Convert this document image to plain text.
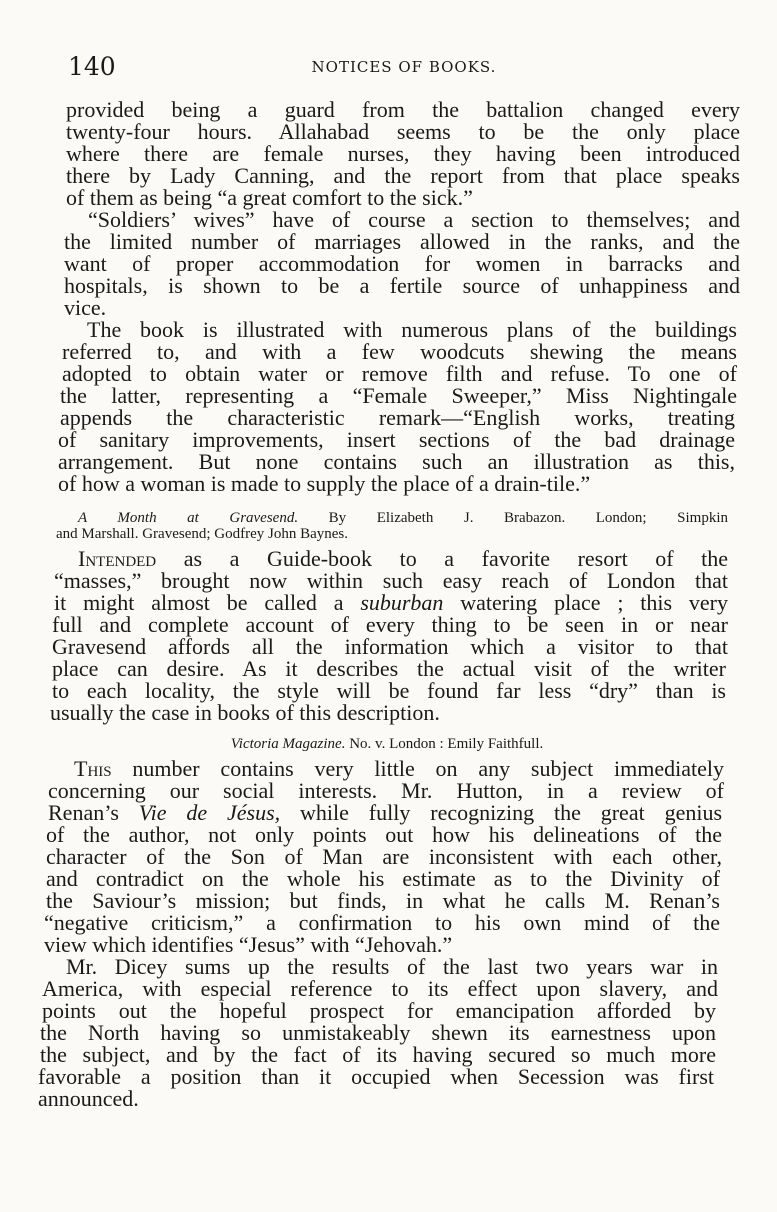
140	NOTICES OF BOOKS.
provided being a guard from the battalion changed every
twenty-four hours. Allahabad seems to be the only place
where there are female nurses, they having been introduced
there by Lady Canning, and the report from that place speaks
of them as being “a great comfort to the sick.”
“Soldiers’ wives” have of course a section to themselves; and
the limited number of marriages allowed in the ranks, and the
want of proper accommodation for women in barracks and
hospitals, is shown to be a fertile source of unhappiness and
vice.
The book is illustrated with numerous plans of the buildings
referred to, and with a few woodcuts shewing the means
adopted to obtain water or remove filth and refuse. To one of
the latter, representing a “Female Sweeper,” Miss Nightingale
appends the characteristic remark—“English works, treating
of sanitary improvements, insert sections of the bad drainage
arrangement. But none contains such an illustration as this,
of how a woman is made to supply the place of a drain-tile.”
A Month at Gravesend. By Elizabeth J. Brabazon. London; Simpkin
and Marshall. Gravesend; Godfrey John Baynes.
Intended as a Guide-book to a favorite resort of the
“masses,” brought now within such easy reach of London that
it might almost be called a suburban watering place ; this very
full and complete account of every thing to be seen in or near
Gravesend affords all the information which a visitor to that
place can desire. As it describes the actual visit of the writer
to each locality, the style will be found far less “dry” than is
usually the case in books of this description.
Victoria Magazine. No. v. London : Emily Faithfull.
This number contains very little on any subject immediately
concerning our social interests. Mr. Hutton, in a review of
Renan’s Vie de Jésus, while fully recognizing the great genius
of the author, not only points out how his delineations of the
character of the Son of Man are inconsistent with each other,
and contradict on the whole his estimate as to the Divinity of
the Saviour’s mission; but finds, in what he calls M. Renan’s
“negative criticism,” a confirmation to his own mind of the
view which identifies “Jesus” with “Jehovah.”
Mr. Dicey sums up the results of the last two years war in
America, with especial reference to its effect upon slavery, and
points out the hopeful prospect for emancipation afforded by
the North having so unmistakeably shewn its earnestness upon
the subject, and by the fact of its having secured so much more
favorable a position than it occupied when Secession was first
announced.
